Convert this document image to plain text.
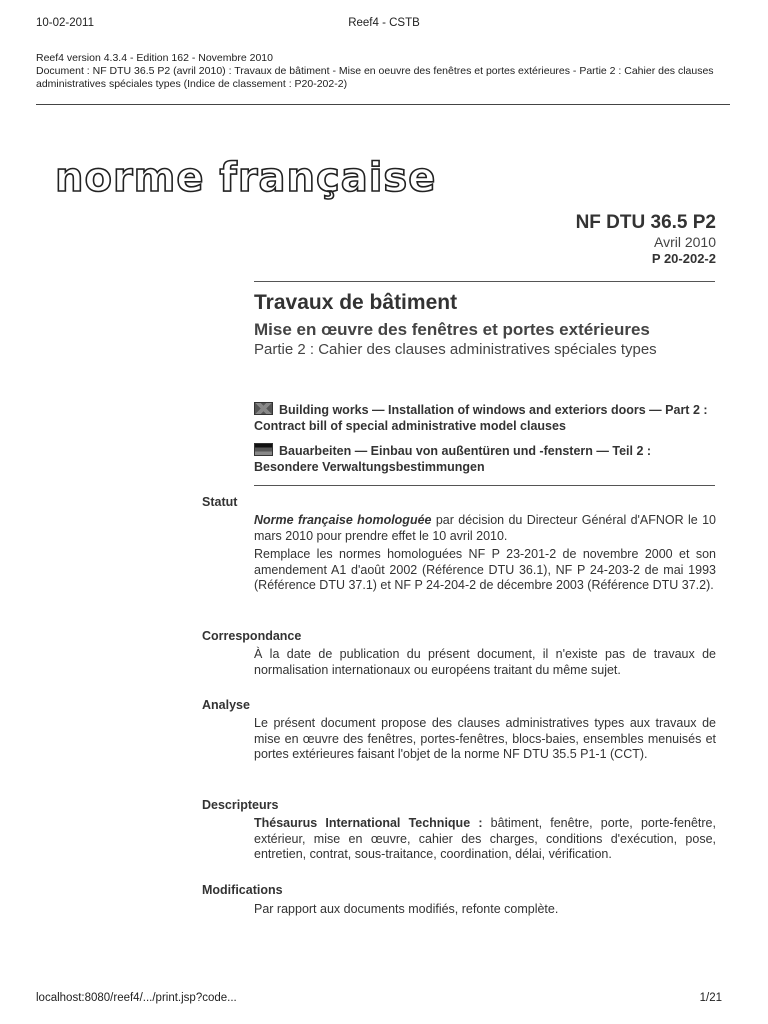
10-02-2011	Reef4 - CSTB
Reef4 version 4.3.4 - Edition 162 - Novembre 2010
Document : NF DTU 36.5 P2 (avril 2010) : Travaux de bâtiment - Mise en oeuvre des fenêtres et portes extérieures - Partie 2 : Cahier des clauses administratives spéciales types (Indice de classement : P20-202-2)
norme française
NF DTU 36.5 P2
Avril 2010
P 20-202-2
Travaux de bâtiment
Mise en œuvre des fenêtres et portes extérieures
Partie 2 : Cahier des clauses administratives spéciales types
Building works — Installation of windows and exteriors doors — Part 2 : Contract bill of special administrative model clauses
Bauarbeiten — Einbau von außentüren und -fenstern — Teil 2 : Besondere Verwaltungsbestimmungen
Statut

Norme française homologuée par décision du Directeur Général d'AFNOR le 10 mars 2010 pour prendre effet le 10 avril 2010.

Remplace les normes homologuées NF P 23-201-2 de novembre 2000 et son amendement A1 d'août 2002 (Référence DTU 36.1), NF P 24-203-2 de mai 1993 (Référence DTU 37.1) et NF P 24-204-2 de décembre 2003 (Référence DTU 37.2).

Correspondance
À la date de publication du présent document, il n'existe pas de travaux de normalisation internationaux ou européens traitant du même sujet.
Analyse
Le présent document propose des clauses administratives types aux travaux de mise en œuvre des fenêtres, portes-fenêtres, blocs-baies, ensembles menuisés et portes extérieures faisant l'objet de la norme NF DTU 35.5 P1-1 (CCT).
Descripteurs
Thésaurus International Technique : bâtiment, fenêtre, porte, porte-fenêtre, extérieur, mise en œuvre, cahier des charges, conditions d'exécution, pose, entretien, contrat, sous-traitance, coordination, délai, vérification.
Modifications
Par rapport aux documents modifiés, refonte complète.
localhost:8080/reef4/.../print.jsp?code...	1/21
